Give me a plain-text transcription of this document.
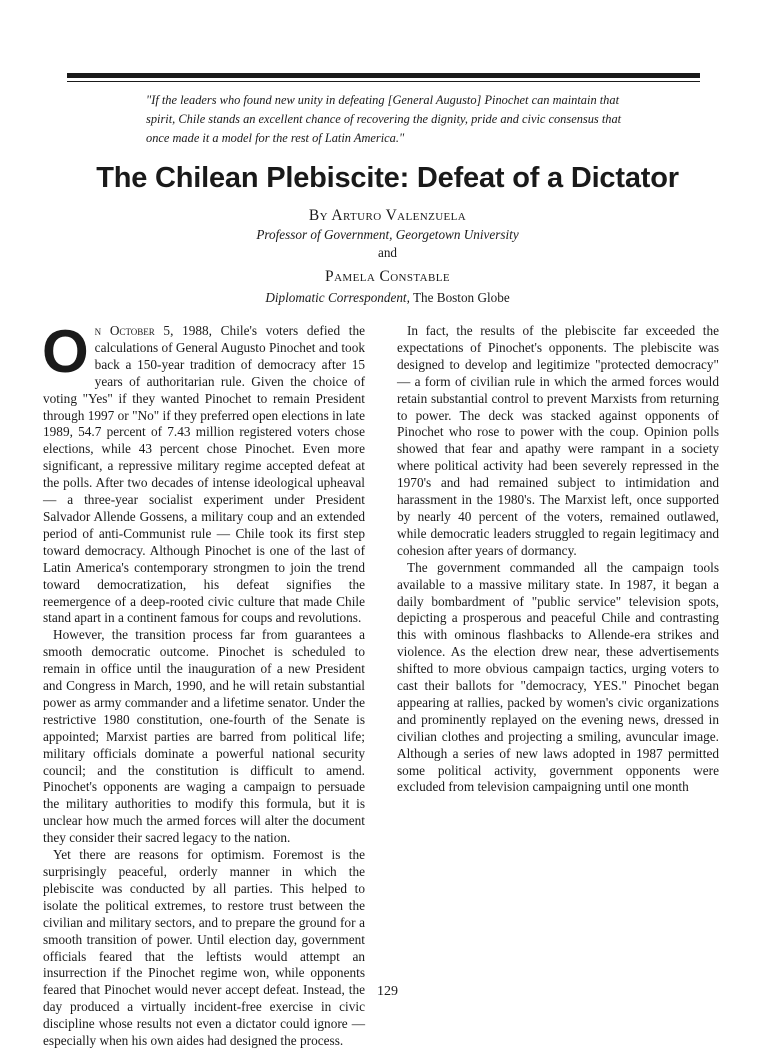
"If the leaders who found new unity in defeating [General Augusto] Pinochet can maintain that spirit, Chile stands an excellent chance of recovering the dignity, pride and civic consensus that once made it a model for the rest of Latin America."

The Chilean Plebiscite: Defeat of a Dictator

By Arturo Valenzuela

Professor of Government, Georgetown University

and

Pamela Constable

Diplomatic Correspondent, The Boston Globe

On October 5, 1988, Chile's voters defied the calculations of General Augusto Pinochet and took back a 150-year tradition of democracy after 15 years of authoritarian rule. Given the choice of voting "Yes" if they wanted Pinochet to remain President through 1997 or "No" if they preferred open elections in late 1989, 54.7 percent of 7.43 million registered voters chose elections, while 43 percent chose Pinochet. Even more significant, a repressive military regime accepted defeat at the polls. After two decades of intense ideological upheaval — a three-year socialist experiment under President Salvador Allende Gossens, a military coup and an extended period of anti-Communist rule — Chile took its first step toward democracy. Although Pinochet is one of the last of Latin America's contemporary strongmen to join the trend toward democratization, his defeat signifies the reemergence of a deep-rooted civic culture that made Chile stand apart in a continent famous for coups and revolutions.

However, the transition process far from guarantees a smooth democratic outcome. Pinochet is scheduled to remain in office until the inauguration of a new President and Congress in March, 1990, and he will retain substantial power as army commander and a lifetime senator. Under the restrictive 1980 constitution, one-fourth of the Senate is appointed; Marxist parties are barred from political life; military officials dominate a powerful national security council; and the constitution is difficult to amend. Pinochet's opponents are waging a campaign to persuade the military authorities to modify this formula, but it is unclear how much the armed forces will alter the document they consider their sacred legacy to the nation.

Yet there are reasons for optimism. Foremost is the surprisingly peaceful, orderly manner in which the plebiscite was conducted by all parties. This helped to isolate the political extremes, to restore trust between the civilian and military sectors, and to prepare the ground for a smooth transition of power. Until election day, government officials feared that the leftists would attempt an insurrection if the Pinochet regime won, while opponents feared that Pinochet would never accept defeat. Instead, the day produced a virtually incident-free exercise in civic discipline whose results not even a dictator could ignore — especially when his own aides had designed the process.

In fact, the results of the plebiscite far exceeded the expectations of Pinochet's opponents. The plebiscite was designed to develop and legitimize "protected democracy" — a form of civilian rule in which the armed forces would retain substantial control to prevent Marxists from returning to power. The deck was stacked against opponents of Pinochet who rose to power with the coup. Opinion polls showed that fear and apathy were rampant in a society where political activity had been severely repressed in the 1970's and had remained subject to intimidation and harassment in the 1980's. The Marxist left, once supported by nearly 40 percent of the voters, remained outlawed, while democratic leaders struggled to regain legitimacy and cohesion after years of dormancy.

The government commanded all the campaign tools available to a massive military state. In 1987, it began a daily bombardment of "public service" television spots, depicting a prosperous and peaceful Chile and contrasting this with ominous flashbacks to Allende-era strikes and violence. As the election drew near, these advertisements shifted to more obvious campaign tactics, urging voters to cast their ballots for "democracy, YES." Pinochet began appearing at rallies, packed by women's civic organizations and prominently replayed on the evening news, dressed in civilian clothes and projecting a smiling, avuncular image. Although a series of new laws adopted in 1987 permitted some political activity, government opponents were excluded from television campaigning until one month

129
